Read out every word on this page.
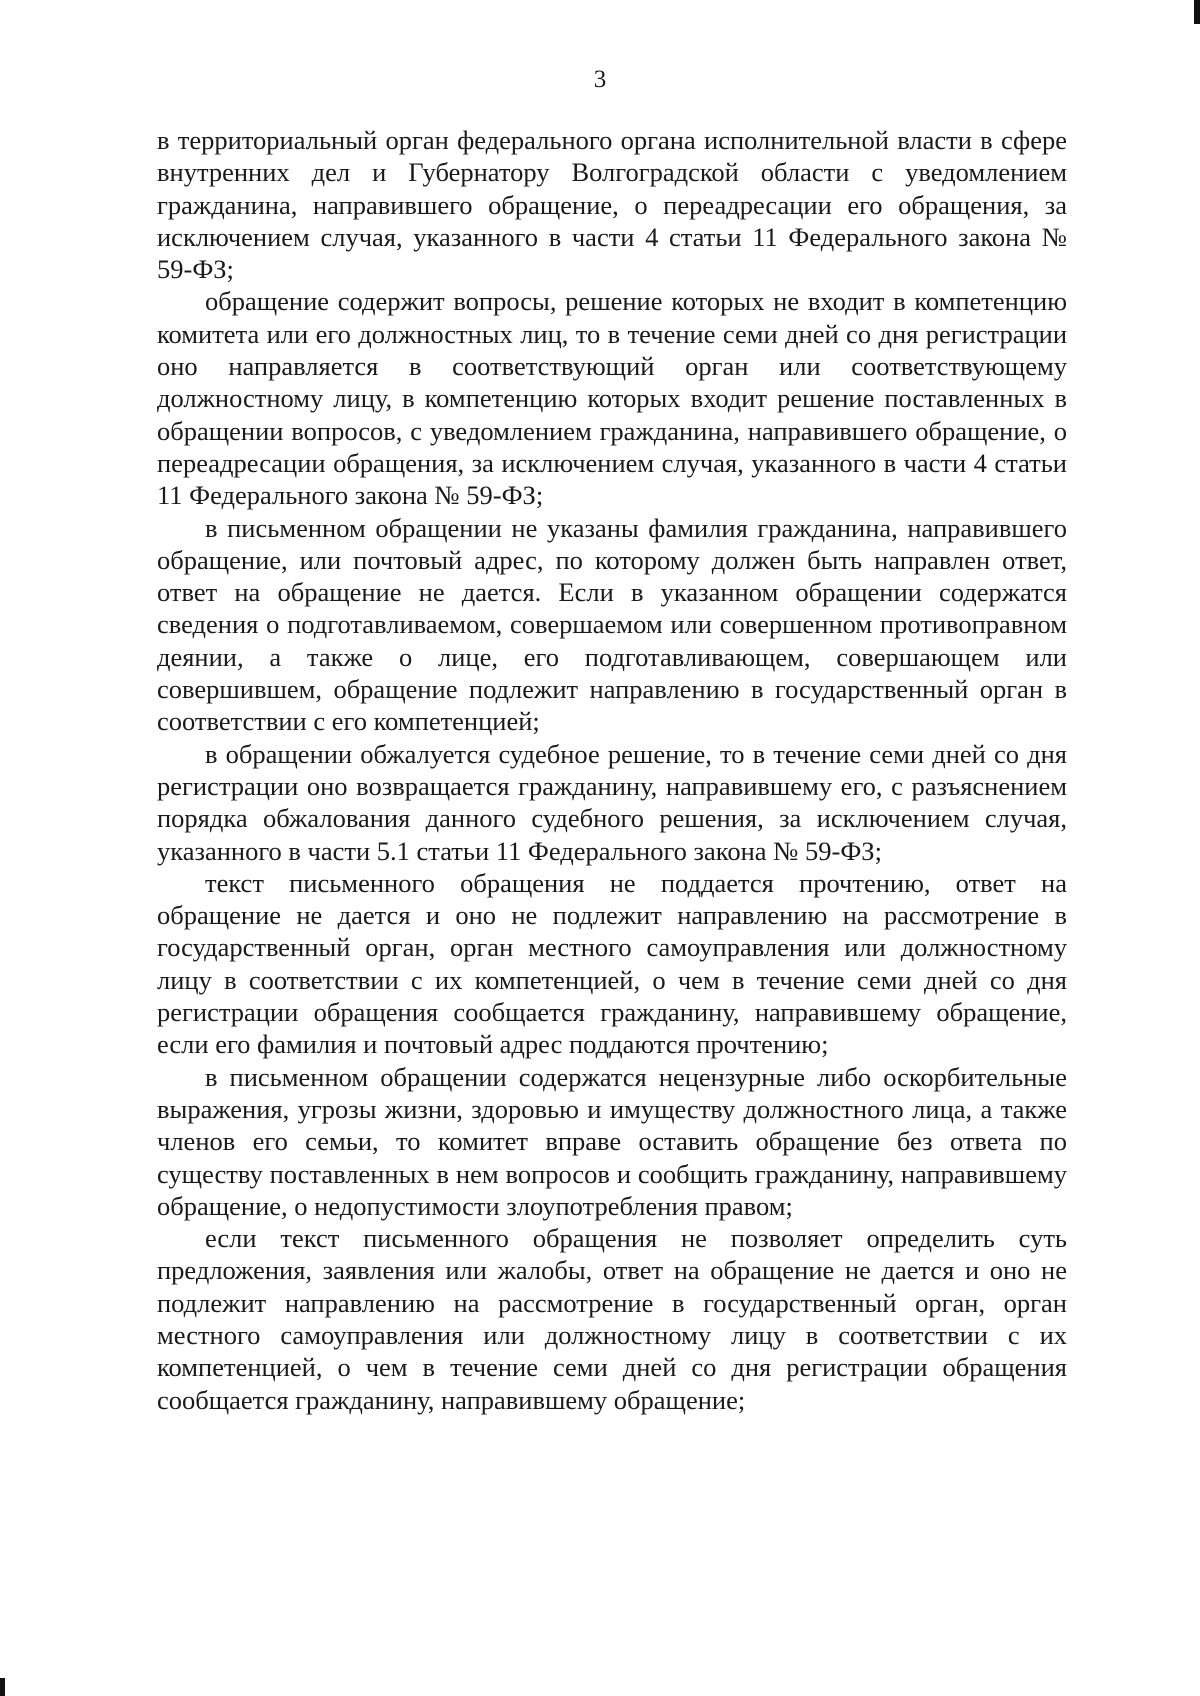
3

в территориальный орган федерального органа исполнительной власти в сфере внутренних дел и Губернатору Волгоградской области с уведомлением гражданина, направившего обращение, о переадресации его обращения, за исключением случая, указанного в части 4 статьи 11 Федерального закона № 59-ФЗ;

обращение содержит вопросы, решение которых не входит в компетенцию комитета или его должностных лиц, то в течение семи дней со дня регистрации оно направляется в соответствующий орган или соответствующему должностному лицу, в компетенцию которых входит решение поставленных в обращении вопросов, с уведомлением гражданина, направившего обращение, о переадресации обращения, за исключением случая, указанного в части 4 статьи 11 Федерального закона № 59-ФЗ;

в письменном обращении не указаны фамилия гражданина, направившего обращение, или почтовый адрес, по которому должен быть направлен ответ, ответ на обращение не дается. Если в указанном обращении содержатся сведения о подготавливаемом, совершаемом или совершенном противоправном деянии, а также о лице, его подготавливающем, совершающем или совершившем, обращение подлежит направлению в государственный орган в соответствии с его компетенцией;

в обращении обжалуется судебное решение, то в течение семи дней со дня регистрации оно возвращается гражданину, направившему его, с разъяснением порядка обжалования данного судебного решения, за исключением случая, указанного в части 5.1 статьи 11 Федерального закона № 59-ФЗ;

текст письменного обращения не поддается прочтению, ответ на обращение не дается и оно не подлежит направлению на рассмотрение в государственный орган, орган местного самоуправления или должностному лицу в соответствии с их компетенцией, о чем в течение семи дней со дня регистрации обращения сообщается гражданину, направившему обращение, если его фамилия и почтовый адрес поддаются прочтению;

в письменном обращении содержатся нецензурные либо оскорбительные выражения, угрозы жизни, здоровью и имуществу должностного лица, а также членов его семьи, то комитет вправе оставить обращение без ответа по существу поставленных в нем вопросов и сообщить гражданину, направившему обращение, о недопустимости злоупотребления правом;

если текст письменного обращения не позволяет определить суть предложения, заявления или жалобы, ответ на обращение не дается и оно не подлежит направлению на рассмотрение в государственный орган, орган местного самоуправления или должностному лицу в соответствии с их компетенцией, о чем в течение семи дней со дня регистрации обращения сообщается гражданину, направившему обращение;
